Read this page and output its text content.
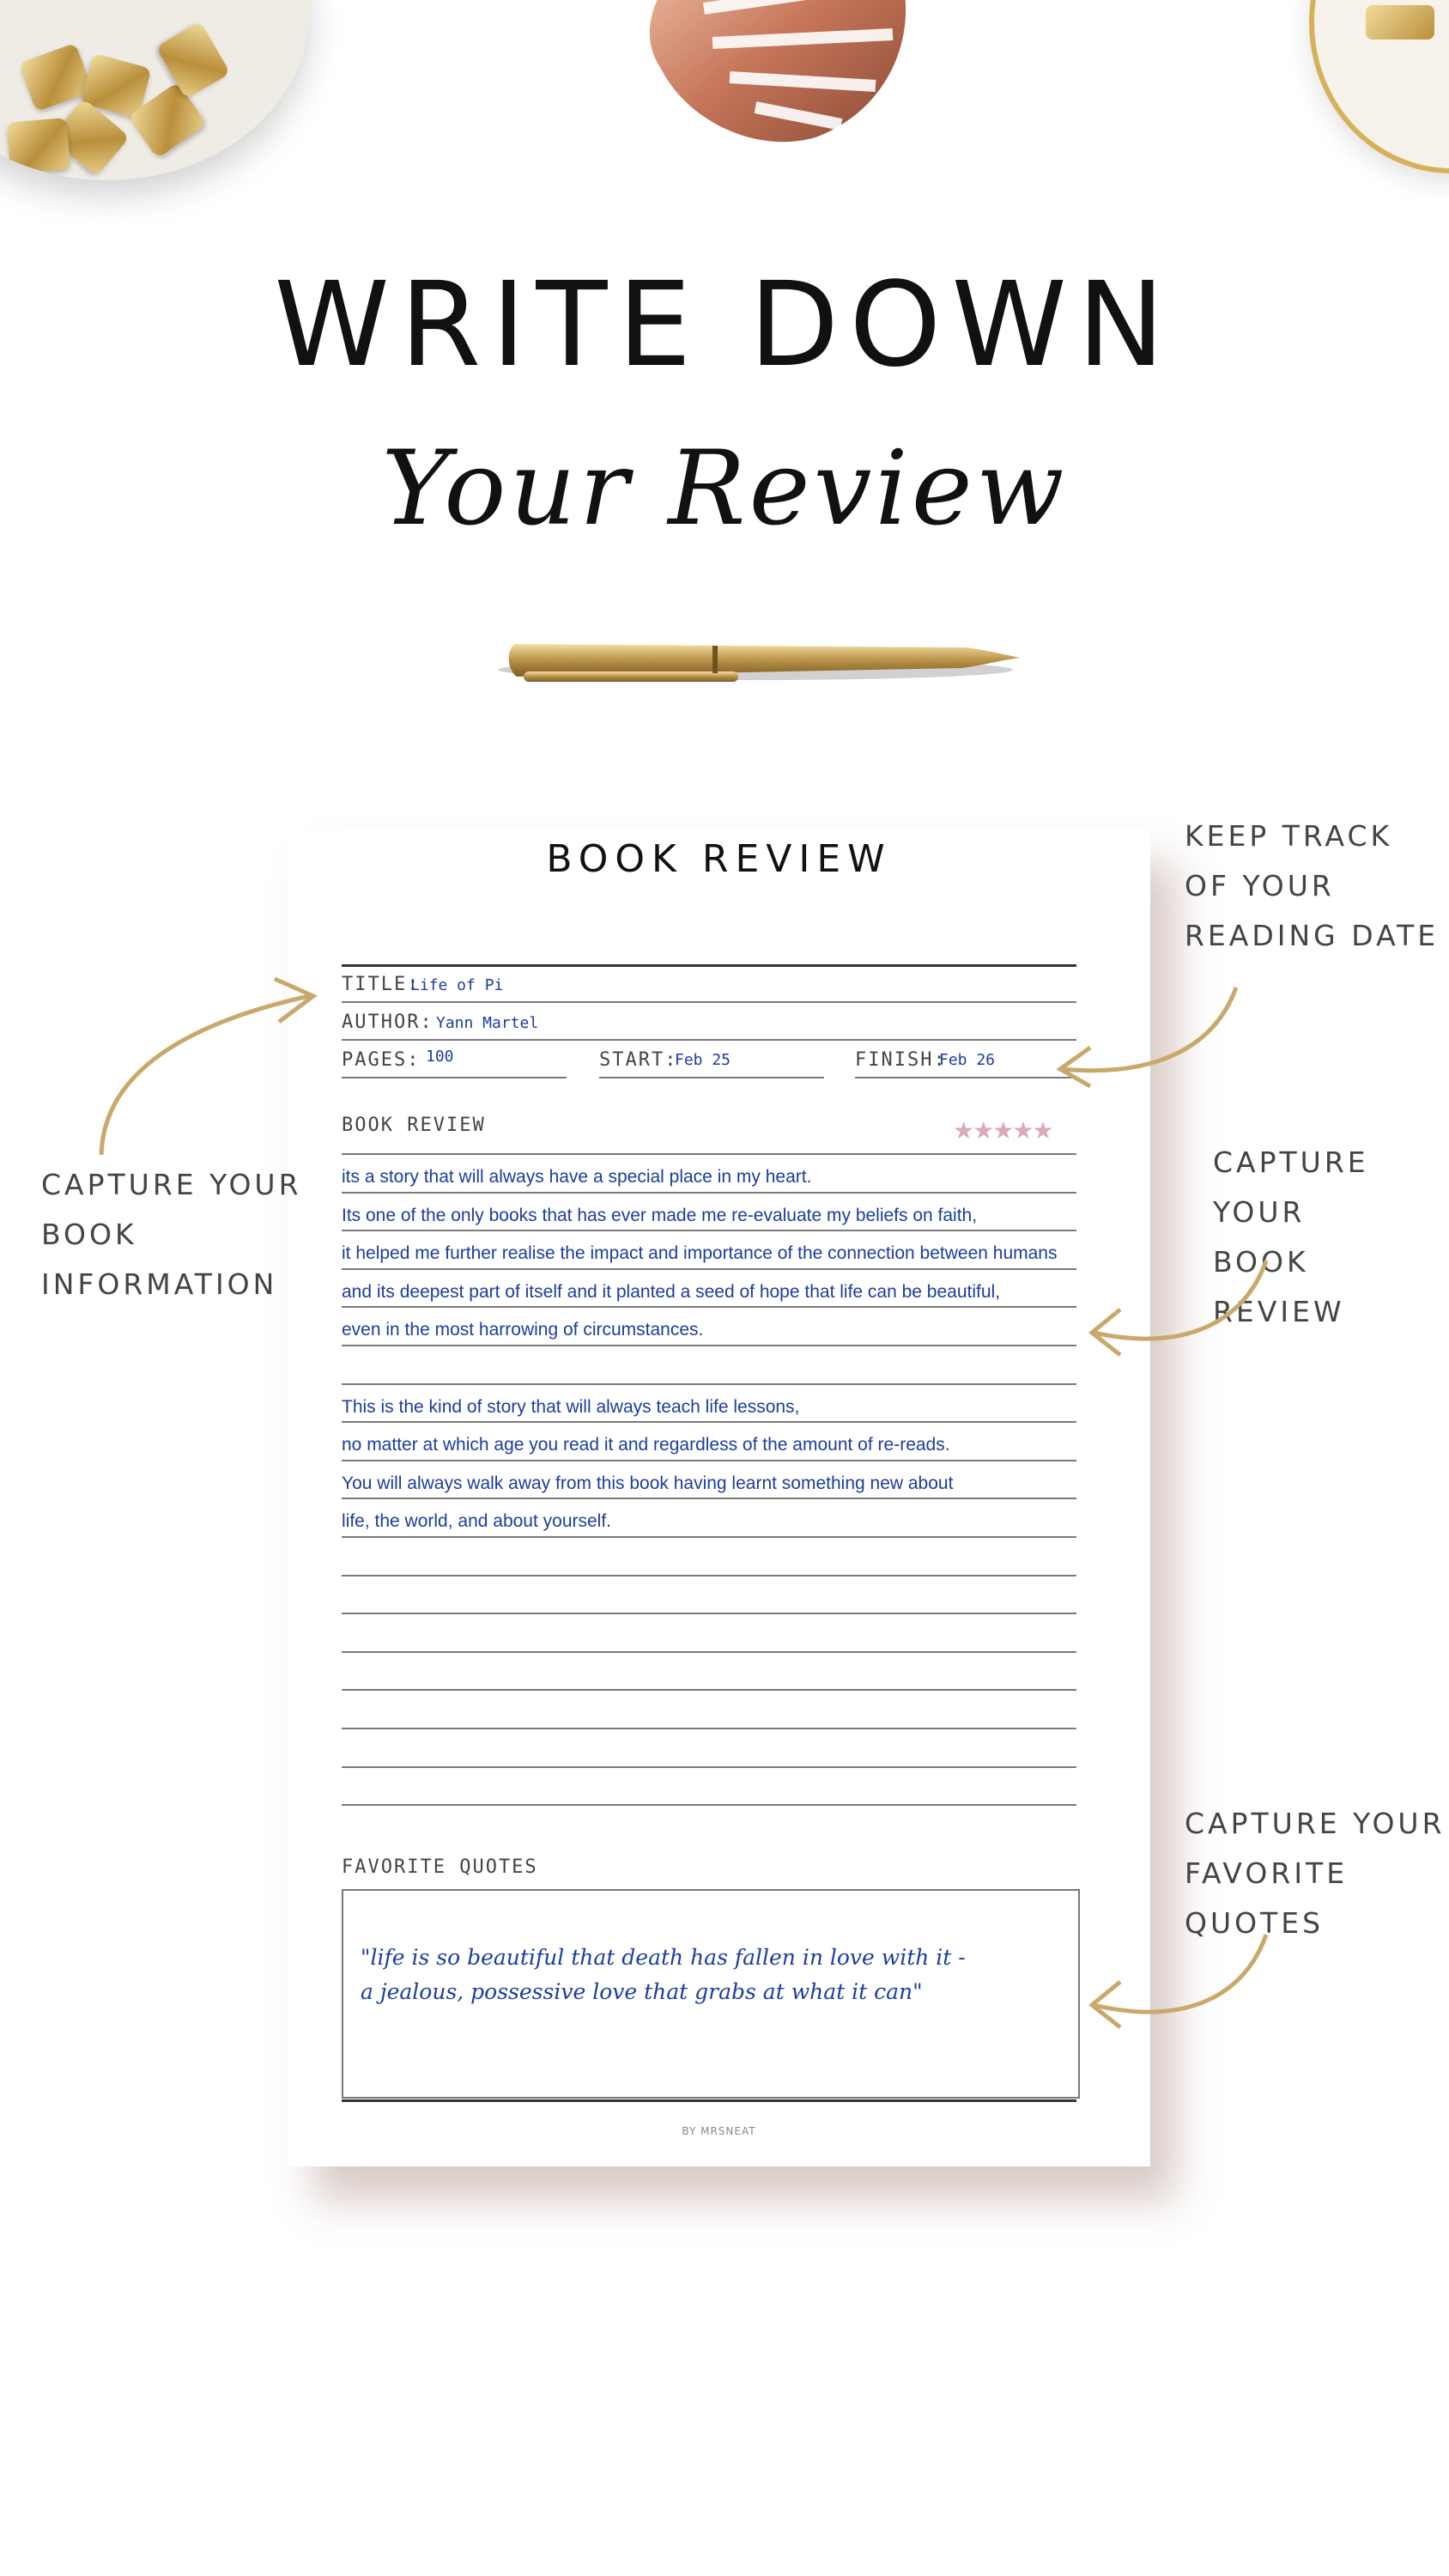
WRITE DOWN
Your Review
BOOK REVIEW
TITLE:
Life of Pi
AUTHOR: Yann Martel
PAGES: 100	START:
Feb 25	FINISH:
Feb 26
BOOK REVIEW	★★★★★
its a story that will always have a special place in my heart.
Its one of the only books that has ever made me re-evaluate my beliefs on faith,
it helped me further realise the impact and importance of the connection between humans
and its deepest part of itself and it planted a seed of hope that life can be beautiful,
even in the most harrowing of circumstances.
This is the kind of story that will always teach life lessons,
no matter at which age you read it and regardless of the amount of re-reads.
You will always walk away from this book having learnt something new about
life, the world, and about yourself.
FAVORITE QUOTES
"life is so beautiful that death has fallen in love with it -
a jealous, possessive love that grabs at what it can"
BY MRSNEAT
KEEP TRACK
OF YOUR
READING DATE
CAPTURE YOUR
BOOK
INFORMATION
CAPTURE YOUR
BOOK REVIEW
CAPTURE YOUR
FAVORITE QUOTES
